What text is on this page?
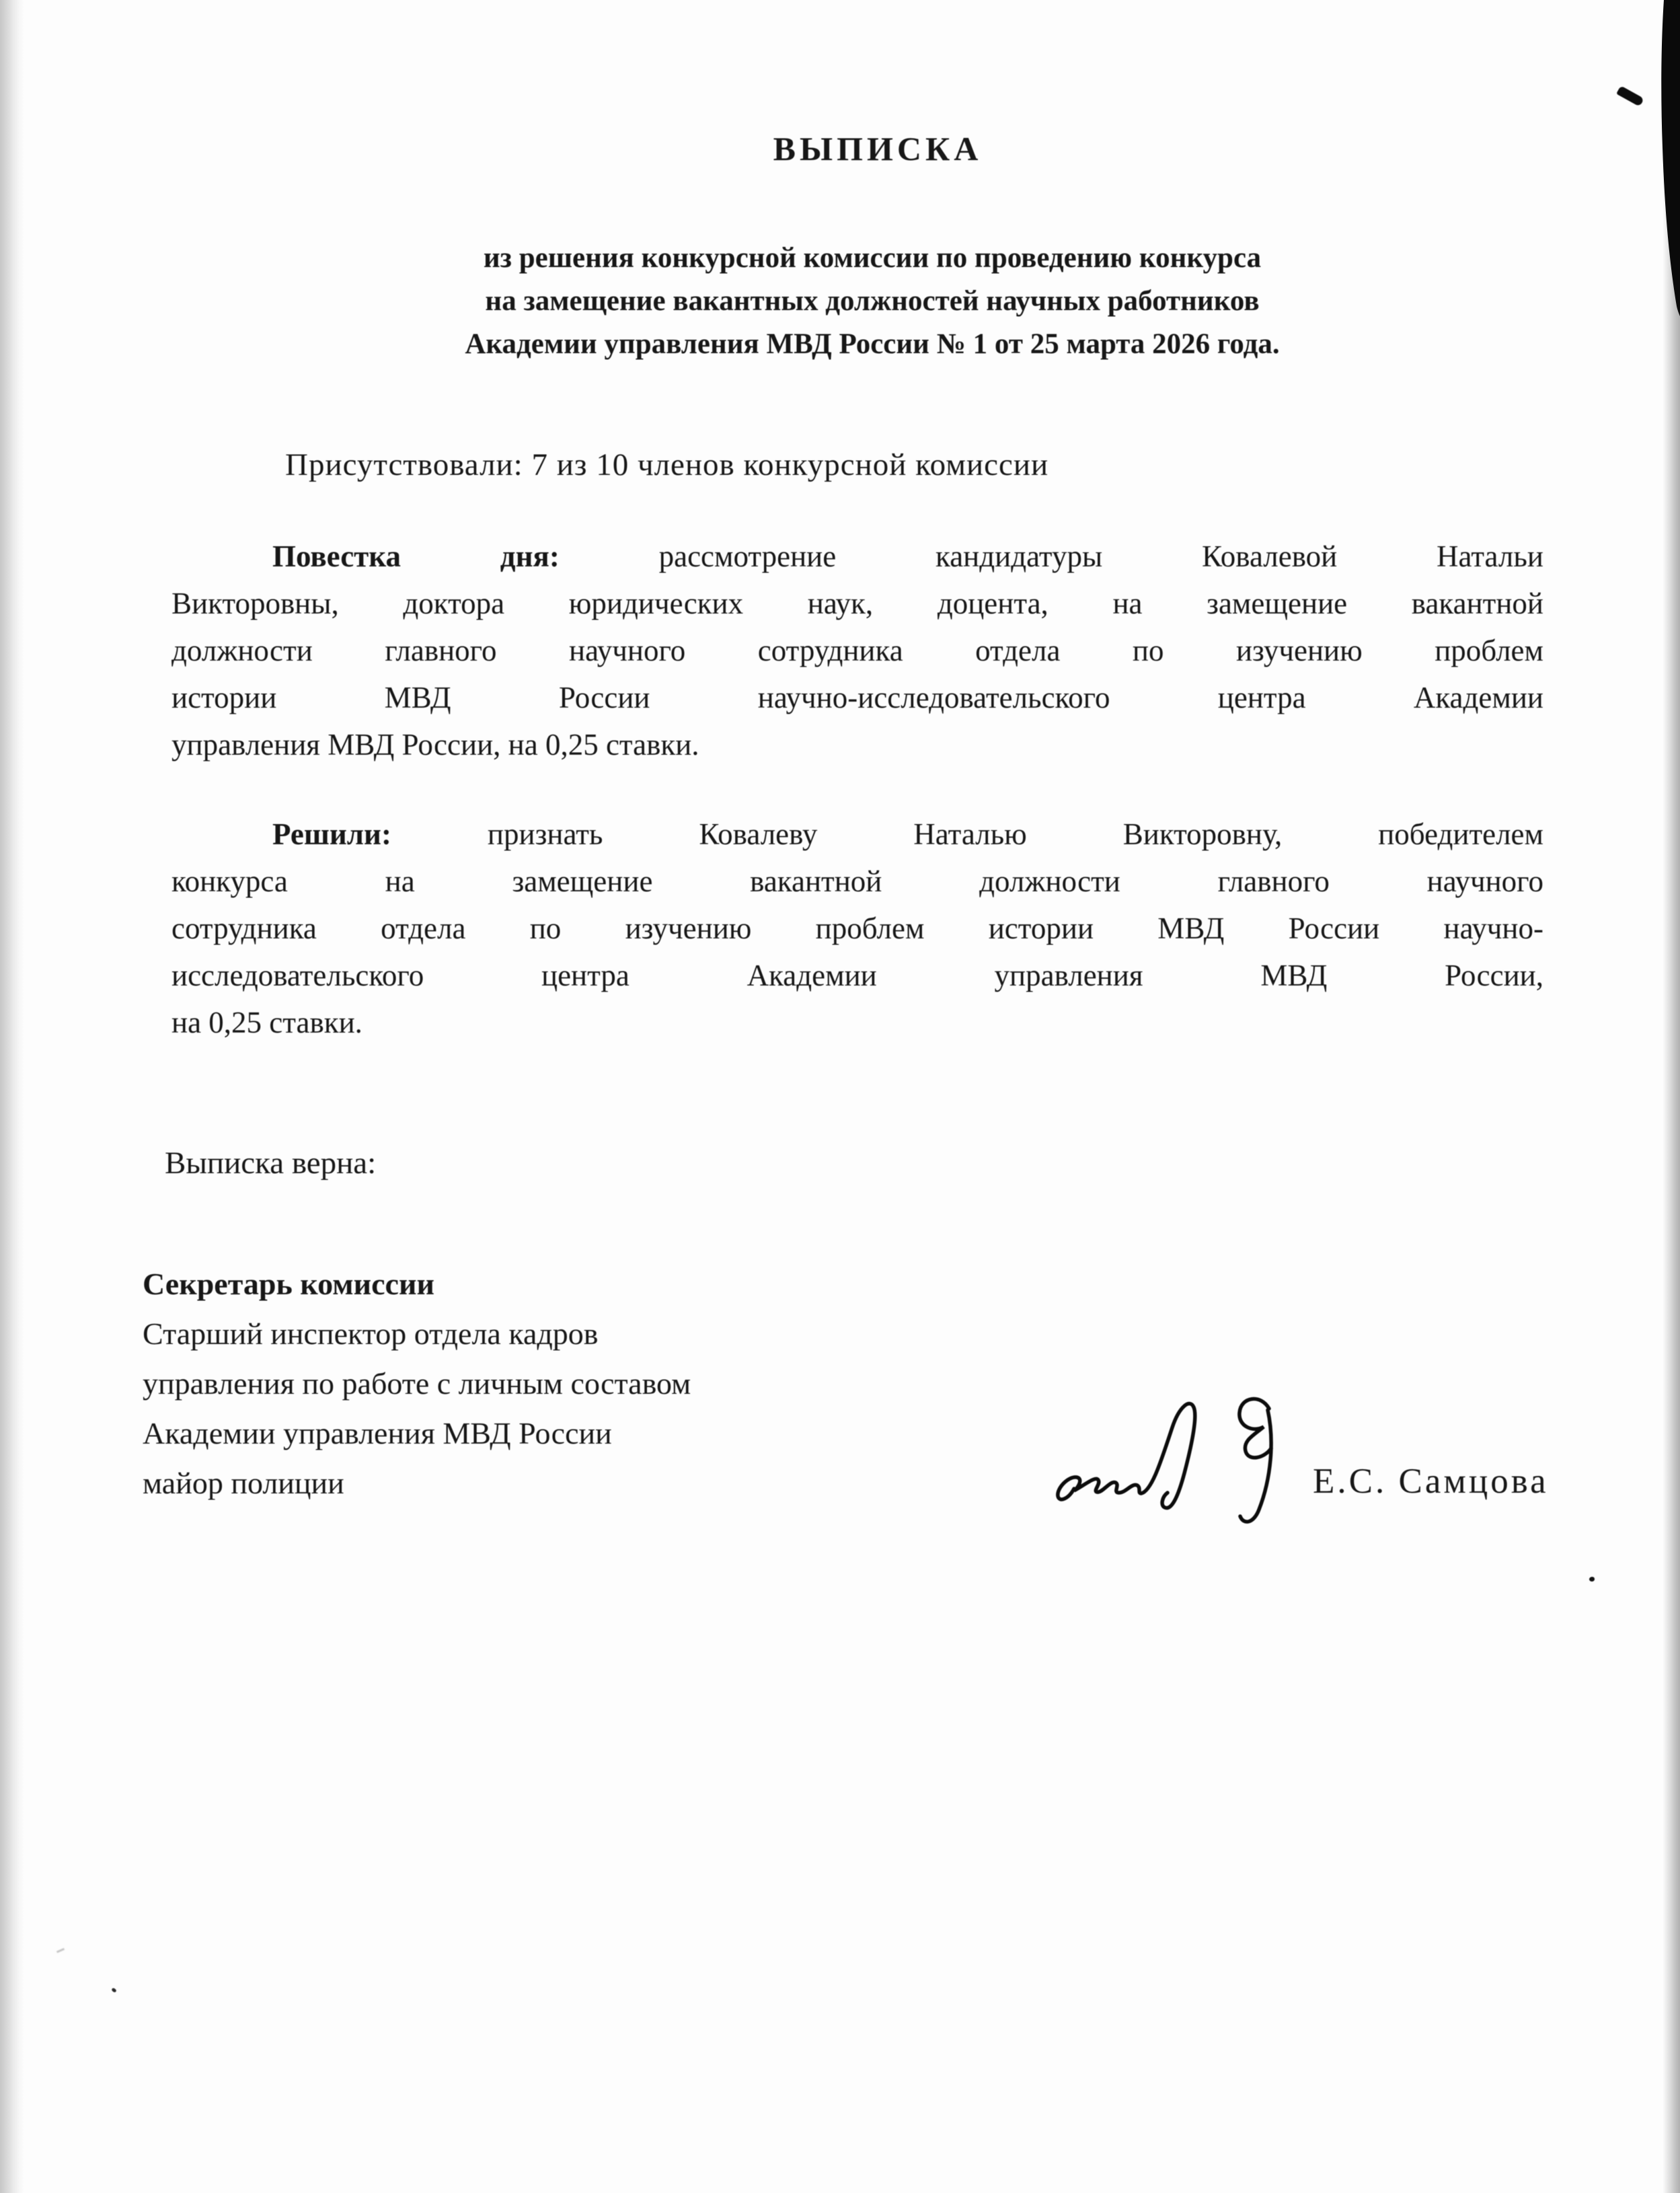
ВЫПИСКА
из решения конкурсной комиссии по проведению конкурса
на замещение вакантных должностей научных работников
Академии управления МВД России № 1 от 25 марта 2026 года.

Присутствовали: 7 из 10 членов конкурсной комиссии

Повестка дня:	рассмотрение кандидатуры Ковалевой Натальи
Викторовны, доктора юридических наук, доцента, на замещение вакантной
должности главного научного сотрудника отдела по изучению проблем
истории МВД России научно-исследовательского центра Академии
управления МВД России, на 0,25 ставки.
Решили:	признать Ковалеву Наталью Викторовну, победителем
конкурса на замещение вакантной должности главного научного
сотрудника отдела по изучению проблем истории МВД России научно-
исследовательского центра Академии управления МВД России,
на 0,25 ставки.

Выписка верна:

Секретарь комиссии
Старший инспектор отдела кадров
управления по работе с личным составом
Академии управления МВД России
майор полиции	Е.С. Самцова
